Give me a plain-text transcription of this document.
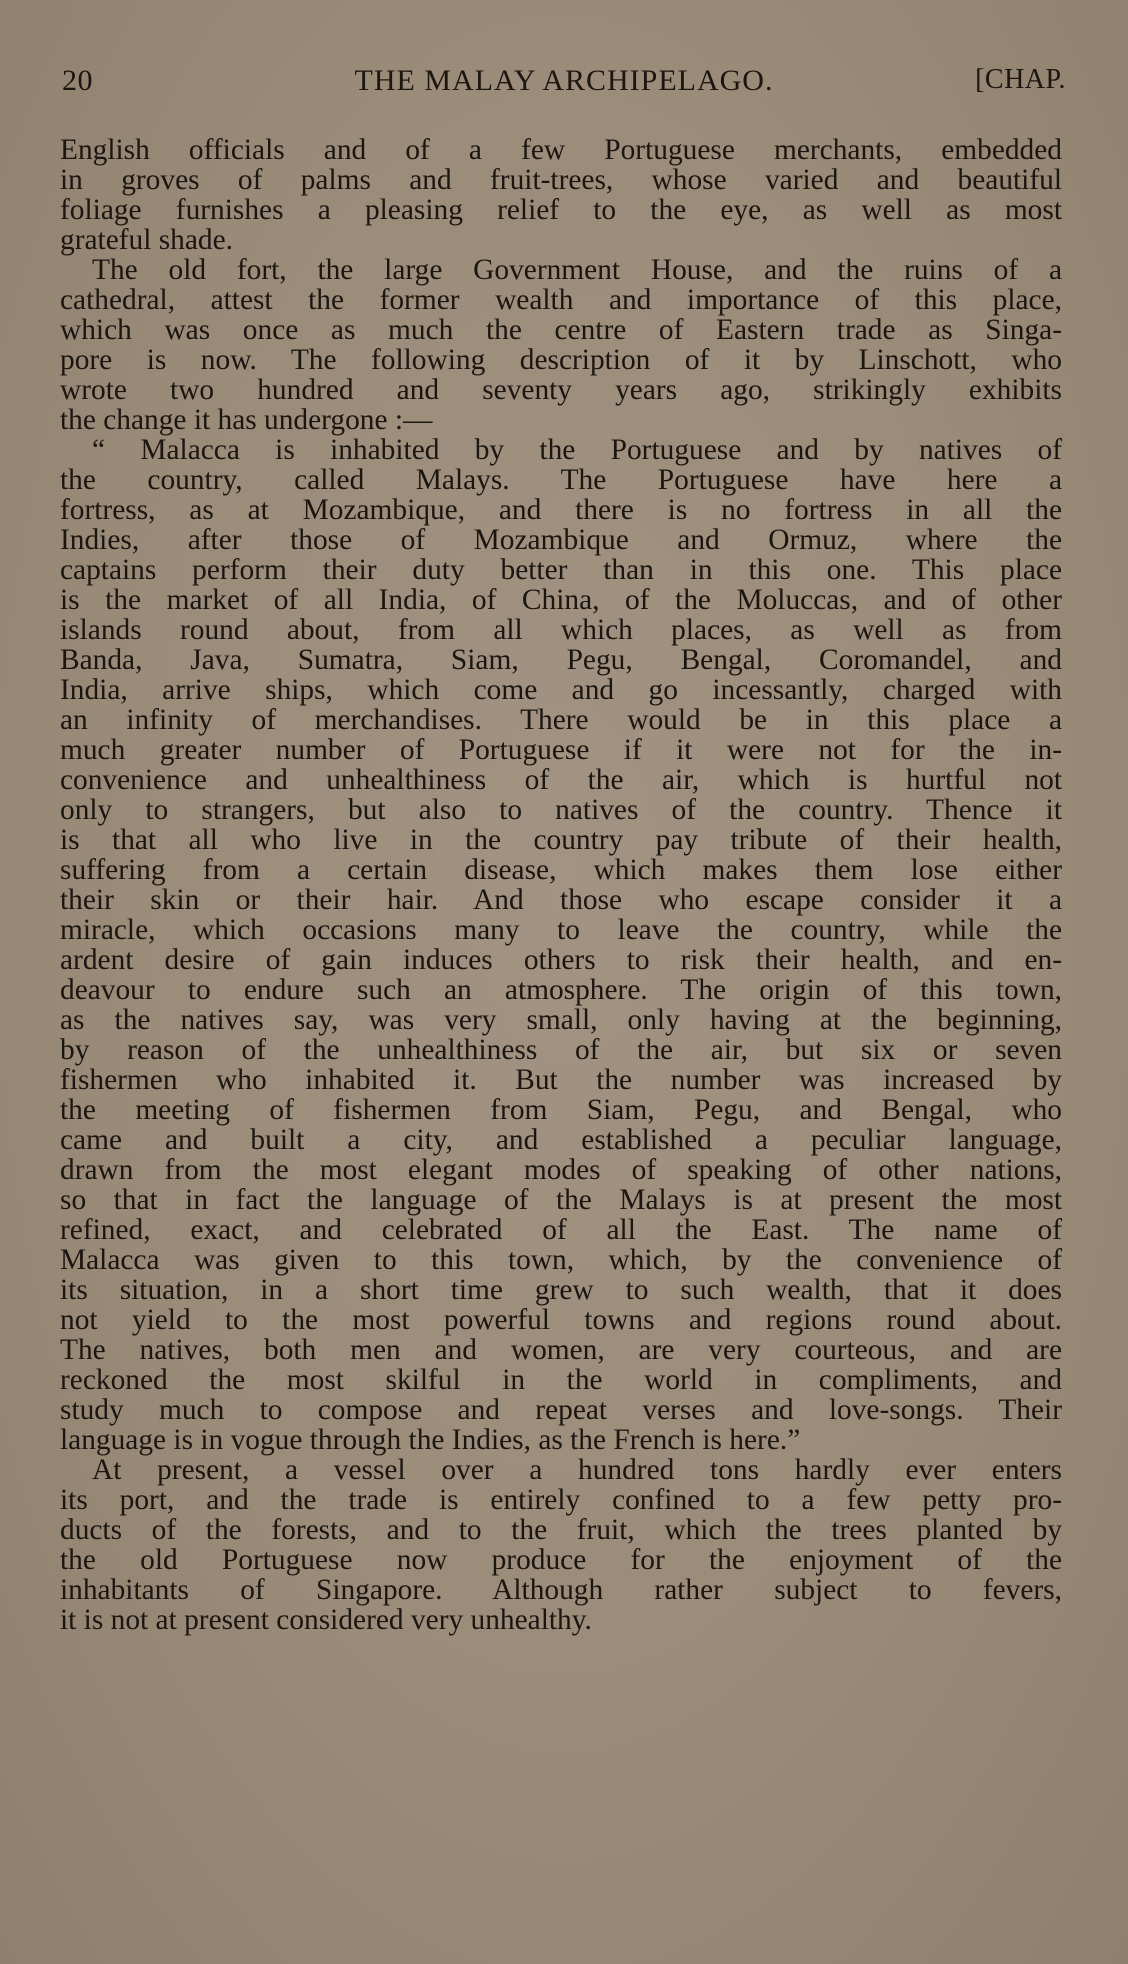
20	THE MALAY ARCHIPELAGO.	[CHAP.
English officials and of a few Portuguese merchants, embedded
in groves of palms and fruit-trees, whose varied and beautiful
foliage furnishes a pleasing relief to the eye, as well as most
grateful shade.
The old fort, the large Government House, and the ruins of a
cathedral, attest the former wealth and importance of this place,
which was once as much the centre of Eastern trade as Singa-
pore is now. The following description of it by Linschott, who
wrote two hundred and seventy years ago, strikingly exhibits
the change it has undergone :—
“ Malacca is inhabited by the Portuguese and by natives of
the country, called Malays. The Portuguese have here a
fortress, as at Mozambique, and there is no fortress in all the
Indies, after those of Mozambique and Ormuz, where the
captains perform their duty better than in this one. This place
is the market of all India, of China, of the Moluccas, and of other
islands round about, from all which places, as well as from
Banda, Java, Sumatra, Siam, Pegu, Bengal, Coromandel, and
India, arrive ships, which come and go incessantly, charged with
an infinity of merchandises. There would be in this place a
much greater number of Portuguese if it were not for the in-
convenience and unhealthiness of the air, which is hurtful not
only to strangers, but also to natives of the country. Thence it
is that all who live in the country pay tribute of their health,
suffering from a certain disease, which makes them lose either
their skin or their hair. And those who escape consider it a
miracle, which occasions many to leave the country, while the
ardent desire of gain induces others to risk their health, and en-
deavour to endure such an atmosphere. The origin of this town,
as the natives say, was very small, only having at the beginning,
by reason of the unhealthiness of the air, but six or seven
fishermen who inhabited it. But the number was increased by
the meeting of fishermen from Siam, Pegu, and Bengal, who
came and built a city, and established a peculiar language,
drawn from the most elegant modes of speaking of other nations,
so that in fact the language of the Malays is at present the most
refined, exact, and celebrated of all the East. The name of
Malacca was given to this town, which, by the convenience of
its situation, in a short time grew to such wealth, that it does
not yield to the most powerful towns and regions round about.
The natives, both men and women, are very courteous, and are
reckoned the most skilful in the world in compliments, and
study much to compose and repeat verses and love-songs. Their
language is in vogue through the Indies, as the French is here.”
At present, a vessel over a hundred tons hardly ever enters
its port, and the trade is entirely confined to a few petty pro-
ducts of the forests, and to the fruit, which the trees planted by
the old Portuguese now produce for the enjoyment of the
inhabitants of Singapore. Although rather subject to fevers,
it is not at present considered very unhealthy.
